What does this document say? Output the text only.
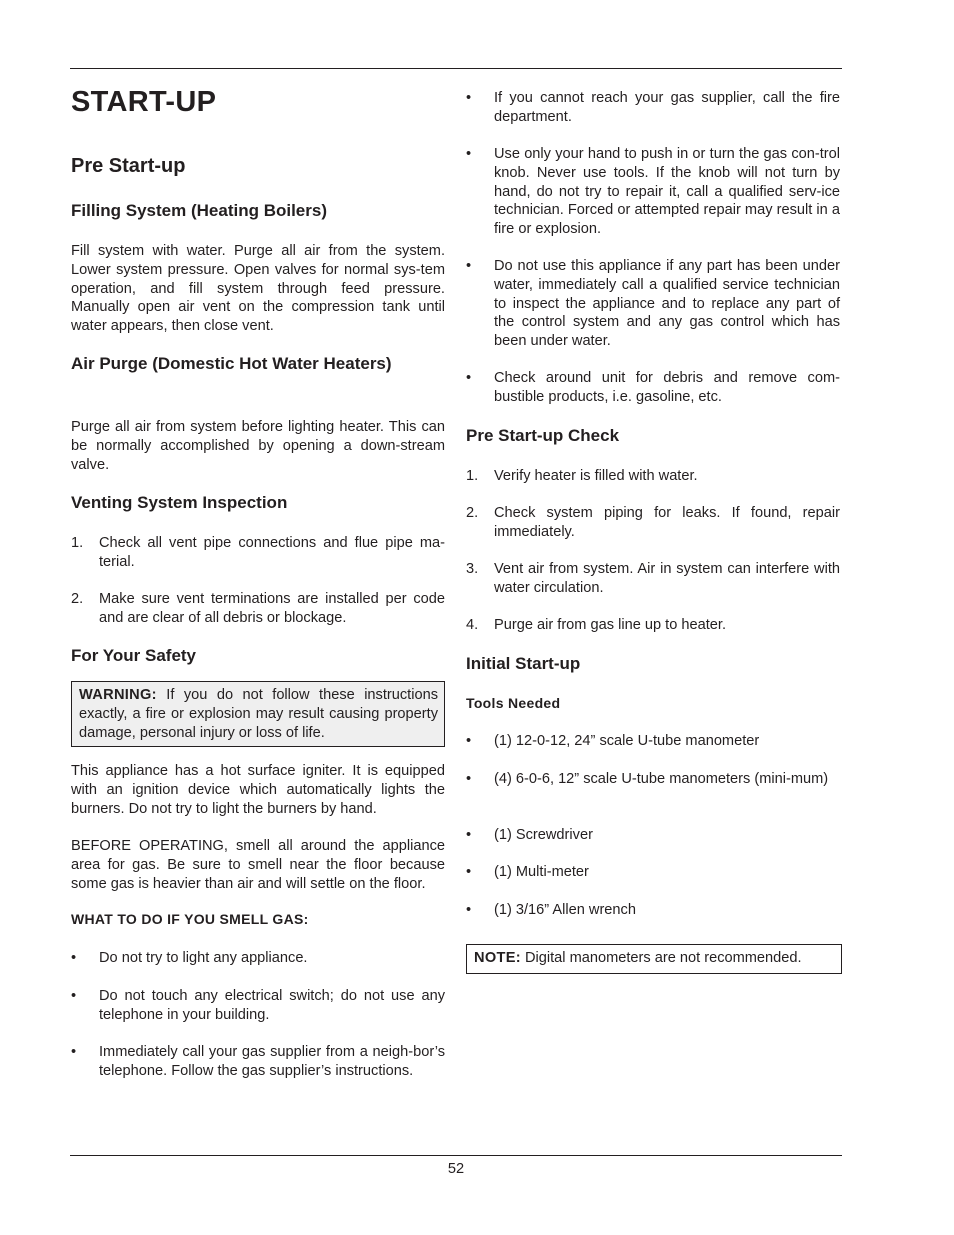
START-UP
Pre Start-up
Filling System (Heating Boilers)

Fill system with water. Purge all air from the system. Lower system pressure. Open valves for normal sys-tem operation, and fill system through feed pressure. Manually open air vent on the compression tank until water appears, then close vent.

Air Purge (Domestic Hot Water Heaters)

Purge all air from system before lighting heater. This can be normally accomplished by opening a down-stream valve.

Venting System Inspection
1.	Check all vent pipe connections and flue pipe ma-terial.
2.	Make sure vent terminations are installed per code and are clear of all debris or blockage.
For Your Safety

WARNING: If you do not follow these instructions exactly, a fire or explosion may result causing property damage, personal injury or loss of life.

This appliance has a hot surface igniter. It is equipped with an ignition device which automatically lights the burners. Do not try to light the burners by hand.

BEFORE OPERATING, smell all around the appliance area for gas. Be sure to smell near the floor because some gas is heavier than air and will settle on the floor.

WHAT TO DO IF YOU SMELL GAS:
•	Do not try to light any appliance.
•	Do not touch any electrical switch; do not use any telephone in your building.
•	Immediately call your gas supplier from a neigh-bor’s telephone. Follow the gas supplier’s instructions.
•	If you cannot reach your gas supplier, call the fire department.
•	Use only your hand to push in or turn the gas con-trol knob. Never use tools. If the knob will not turn by hand, do not try to repair it, call a qualified serv-ice technician. Forced or attempted repair may result in a fire or explosion.
•	Do not use this appliance if any part has been under water, immediately call a qualified service technician to inspect the appliance and to replace any part of the control system and any gas control which has been under water.
•	Check around unit for debris and remove com-bustible products, i.e. gasoline, etc.
Pre Start-up Check
1.	Verify heater is filled with water.
2.	Check system piping for leaks. If found, repair immediately.
3.	Vent air from system. Air in system can interfere with water circulation.
4.	Purge air from gas line up to heater.
Initial Start-up
Tools Needed
•	(1) 12-0-12, 24” scale U-tube manometer
•	(4) 6-0-6, 12” scale U-tube manometers (mini-mum)
•	(1) Screwdriver
•	(1) Multi-meter
•	(1) 3/16” Allen wrench

NOTE: Digital manometers are not recommended.

52
